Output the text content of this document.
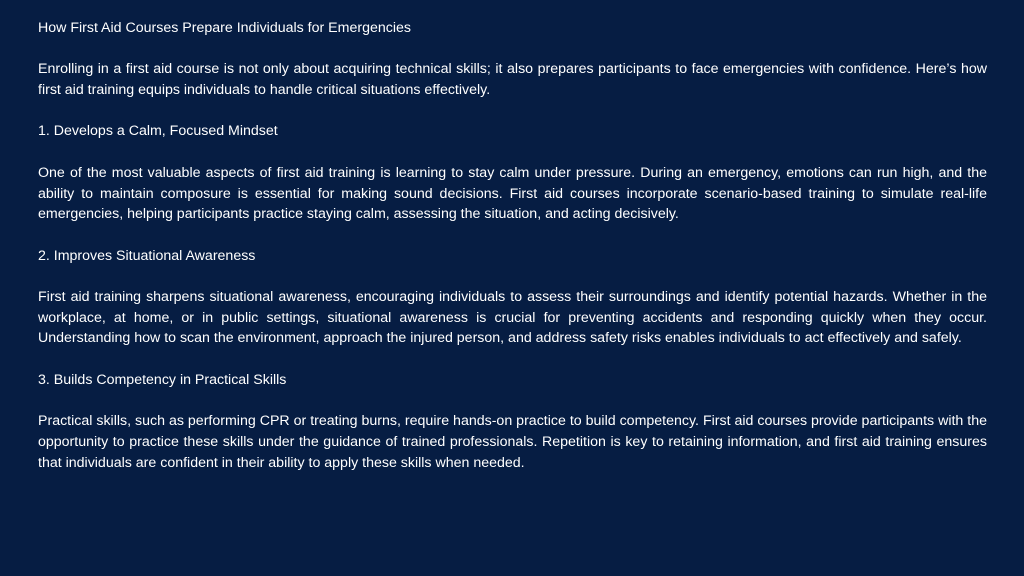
How First Aid Courses Prepare Individuals for Emergencies

Enrolling in a first aid course is not only about acquiring technical skills; it also prepares participants to face emergencies with confidence. Here’s how first aid training equips individuals to handle critical situations effectively.

1. Develops a Calm, Focused Mindset

One of the most valuable aspects of first aid training is learning to stay calm under pressure. During an emergency, emotions can run high, and the ability to maintain composure is essential for making sound decisions. First aid courses incorporate scenario-based training to simulate real-life emergencies, helping participants practice staying calm, assessing the situation, and acting decisively.

2. Improves Situational Awareness

First aid training sharpens situational awareness, encouraging individuals to assess their surroundings and identify potential hazards. Whether in the workplace, at home, or in public settings, situational awareness is crucial for preventing accidents and responding quickly when they occur. Understanding how to scan the environment, approach the injured person, and address safety risks enables individuals to act effectively and safely.

3. Builds Competency in Practical Skills

Practical skills, such as performing CPR or treating burns, require hands-on practice to build competency. First aid courses provide participants with the opportunity to practice these skills under the guidance of trained professionals. Repetition is key to retaining information, and first aid training ensures that individuals are confident in their ability to apply these skills when needed.
